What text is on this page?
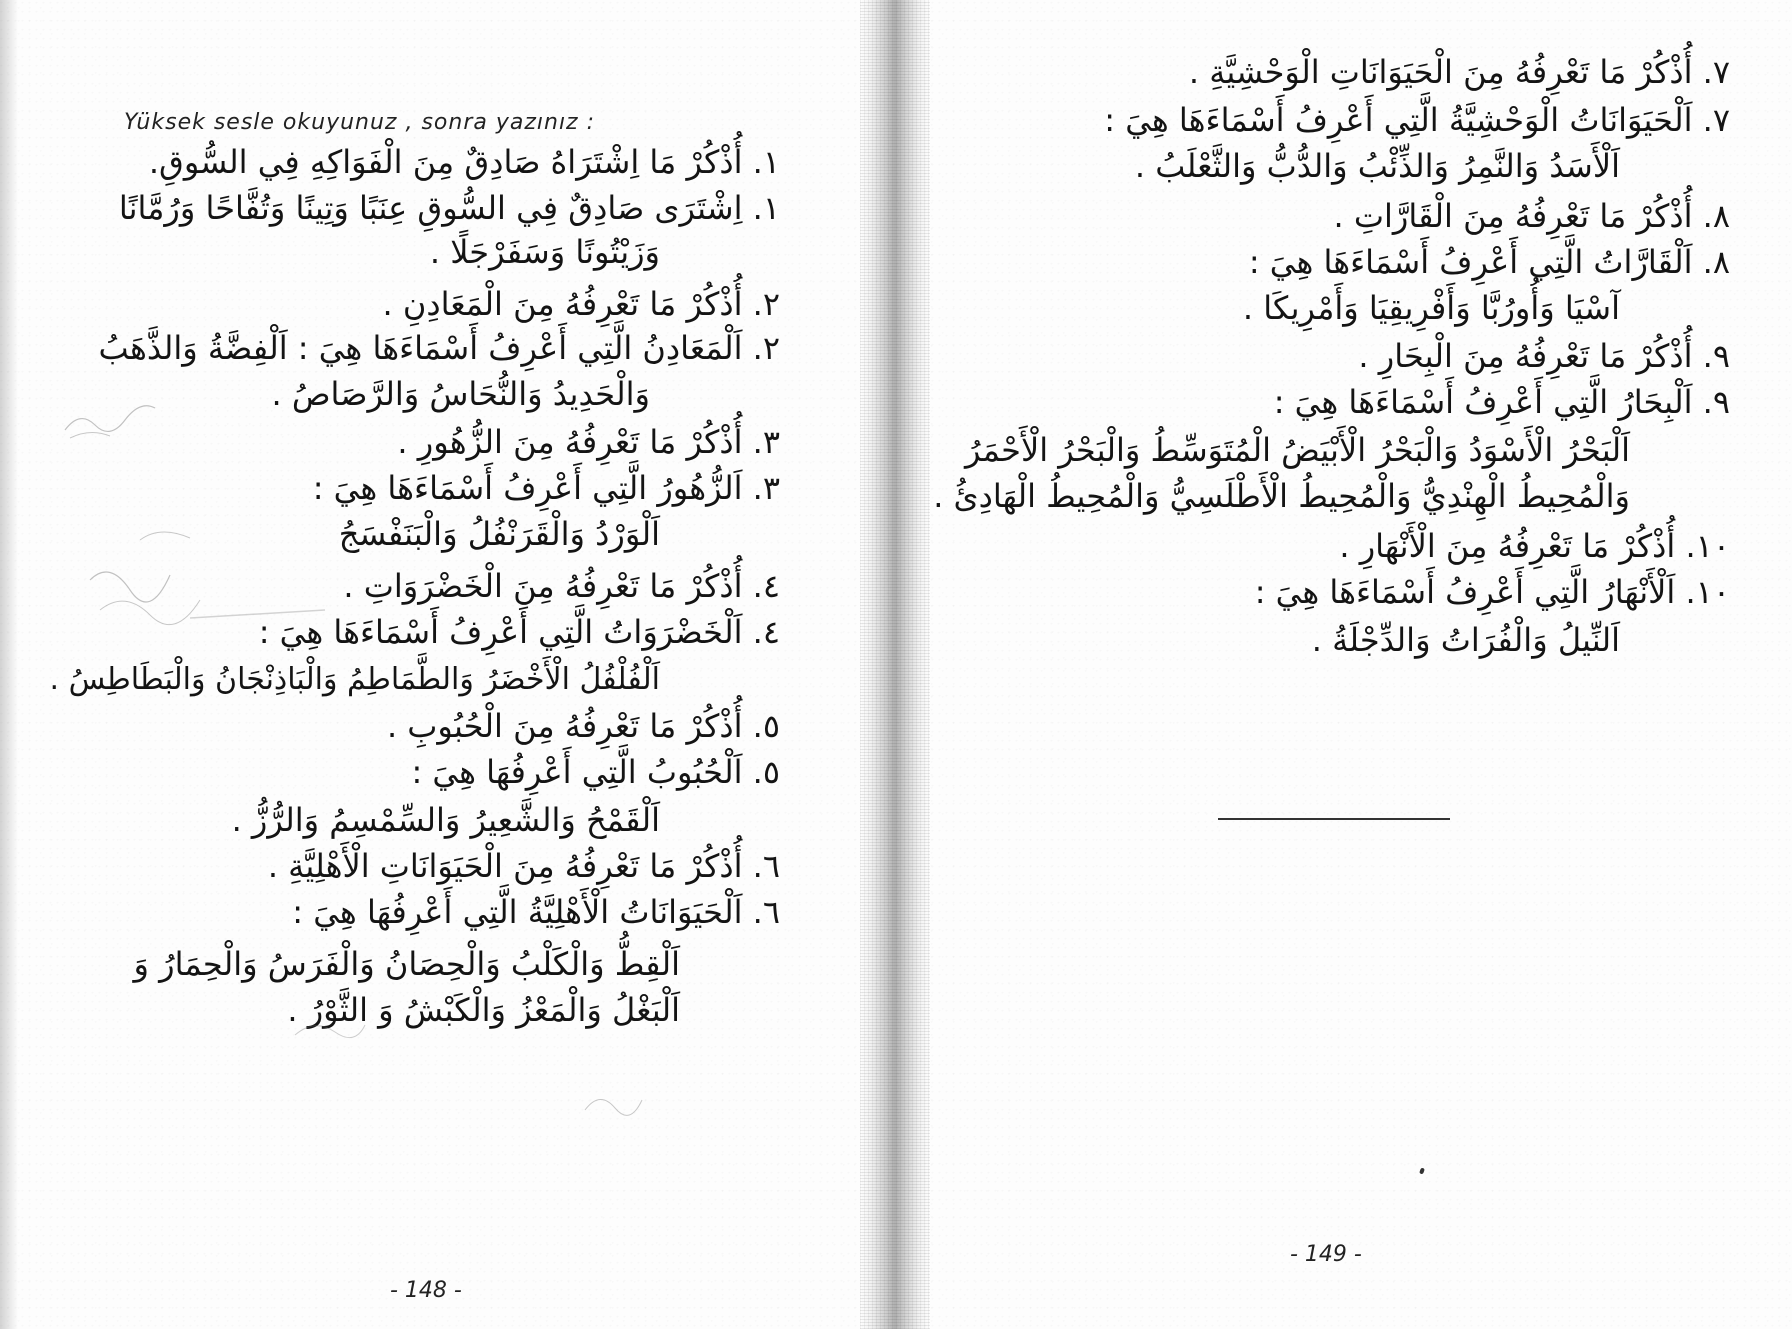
Yüksek sesle okuyunuz , sonra yazınız :
١. أُذْكُرْ مَا اِشْتَرَاهُ صَادِقٌ مِنَ الْفَوَاكِهِ فِي السُّوقِ.
١. اِشْتَرَى صَادِقٌ فِي السُّوقِ عِنَبًا وَتِينًا وَتُفَّاحًا وَرُمَّانًا
وَزَيْتُونًا وَسَفَرْجَلًا .
٢. أُذْكُرْ مَا تَعْرِفُهُ مِنَ الْمَعَادِنِ .
٢. اَلْمَعَادِنُ الَّتِي أَعْرِفُ أَسْمَاءَهَا هِيَ : اَلْفِضَّةُ وَالذَّهَبُ
وَالْحَدِيدُ وَالنُّحَاسُ وَالرَّصَاصُ .
٣. أُذْكُرْ مَا تَعْرِفُهُ مِنَ الزُّهُورِ .
٣. اَلزُّهُورُ الَّتِي أَعْرِفُ أَسْمَاءَهَا هِيَ :
اَلْوَرْدُ وَالْقَرَنْفُلُ وَالْبَنَفْسَجُ
٤. أُذْكُرْ مَا تَعْرِفُهُ مِنَ الْخَضْرَوَاتِ .
٤. اَلْخَضْرَوَاتُ الَّتِي أَعْرِفُ أَسْمَاءَهَا هِيَ :
اَلْفُلْفُلُ الْأَخْضَرُ وَالطَّمَاطِمُ وَالْبَاذِنْجَانُ وَالْبَطَاطِسُ .
٥. أُذْكُرْ مَا تَعْرِفُهُ مِنَ الْحُبُوبِ .
٥. اَلْحُبُوبُ الَّتِي أَعْرِفُهَا هِيَ :
اَلْقَمْحُ وَالشَّعِيرُ وَالسِّمْسِمُ وَالرُّزُّ .
٦. أُذْكُرْ مَا تَعْرِفُهُ مِنَ الْحَيَوَانَاتِ الْأَهْلِيَّةِ .
٦. اَلْحَيَوَانَاتُ الْأَهْلِيَّةُ الَّتِي أَعْرِفُهَا هِيَ :
اَلْقِطُّ وَالْكَلْبُ وَالْحِصَانُ وَالْفَرَسُ وَالْحِمَارُ وَ
اَلْبَغْلُ وَالْمَعْزُ وَالْكَبْشُ وَ الثَّوْرُ .
- 148 -
٧. أُذْكُرْ مَا تَعْرِفُهُ مِنَ الْحَيَوَانَاتِ الْوَحْشِيَّةِ .
٧. اَلْحَيَوَانَاتُ الْوَحْشِيَّةُ الَّتِي أَعْرِفُ أَسْمَاءَهَا هِيَ :
اَلْأَسَدُ وَالنَّمِرُ وَالذِّئْبُ وَالدُّبُّ وَالثَّعْلَبُ .
٨. أُذْكُرْ مَا تَعْرِفُهُ مِنَ الْقَارَّاتِ .
٨. اَلْقَارَّاتُ الَّتِي أَعْرِفُ أَسْمَاءَهَا هِيَ :
آسْيَا وَأُورُبَّا وَأَفْرِيقِيَا وَأَمْرِيكَا .
٩. أُذْكُرْ مَا تَعْرِفُهُ مِنَ الْبِحَارِ .
٩. اَلْبِحَارُ الَّتِي أَعْرِفُ أَسْمَاءَهَا هِيَ :
اَلْبَحْرُ الْأَسْوَدُ وَالْبَحْرُ الْأَبْيَضُ الْمُتَوَسِّطُ وَالْبَحْرُ الْأَحْمَرُ
وَالْمُحِيطُ الْهِنْدِيُّ وَالْمُحِيطُ الْأَطْلَسِيُّ وَالْمُحِيطُ الْهَادِئُ .
١٠. أُذْكُرْ مَا تَعْرِفُهُ مِنَ الْأَنْهَارِ .
١٠. اَلْأَنْهَارُ الَّتِي أَعْرِفُ أَسْمَاءَهَا هِيَ :
اَلنِّيلُ وَالْفُرَاتُ وَالدِّجْلَةُ .
- 149 -
